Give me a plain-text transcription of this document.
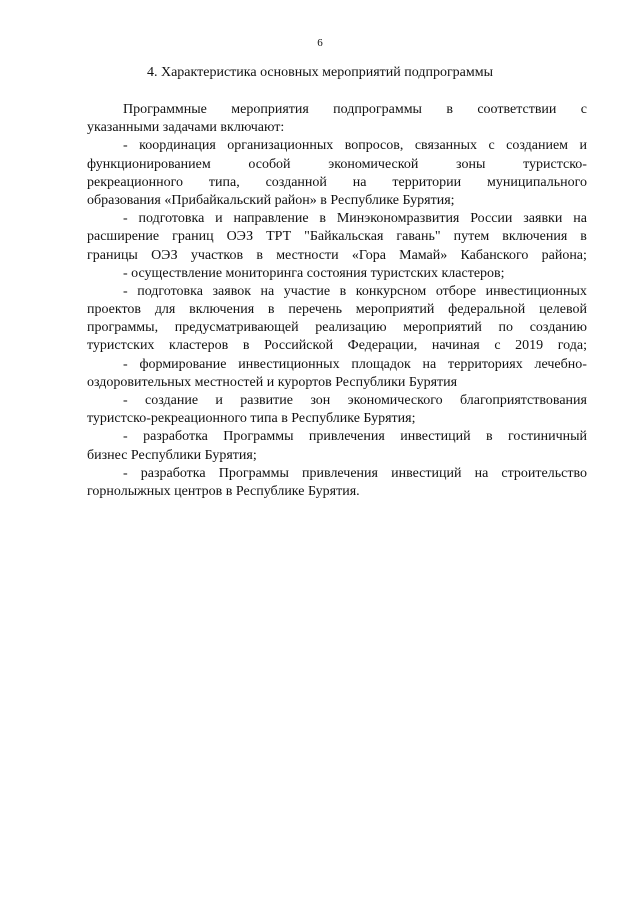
6
4. Характеристика основных мероприятий подпрограммы
Программные мероприятия подпрограммы в соответствии с
указанными задачами включают:
- координация организационных вопросов, связанных с созданием и
функционированием	особой	экономической	зоны	туристско-
рекреационного типа, созданной на территории муниципального
образования «Прибайкальский район» в Республике Бурятия;
- подготовка и направление в Минэкономразвития России заявки на
расширение границ ОЭЗ ТРТ "Байкальская гавань" путем включения в
границы ОЭЗ участков в местности «Гора Мамай» Кабанского района;
- осуществление мониторинга состояния туристских кластеров;
- подготовка заявок на участие в конкурсном отборе инвестиционных
проектов для включения в перечень мероприятий федеральной целевой
программы, предусматривающей реализацию мероприятий по созданию
туристских кластеров в Российской Федерации, начиная с 2019 года;
- формирование инвестиционных площадок на территориях лечебно-
оздоровительных местностей и курортов Республики Бурятия
- создание и развитие зон экономического благоприятствования
туристско-рекреационного типа в Республике Бурятия;
- разработка Программы привлечения инвестиций в гостиничный
бизнес Республики Бурятия;
- разработка Программы привлечения инвестиций на строительство
горнолыжных центров в Республике Бурятия.
